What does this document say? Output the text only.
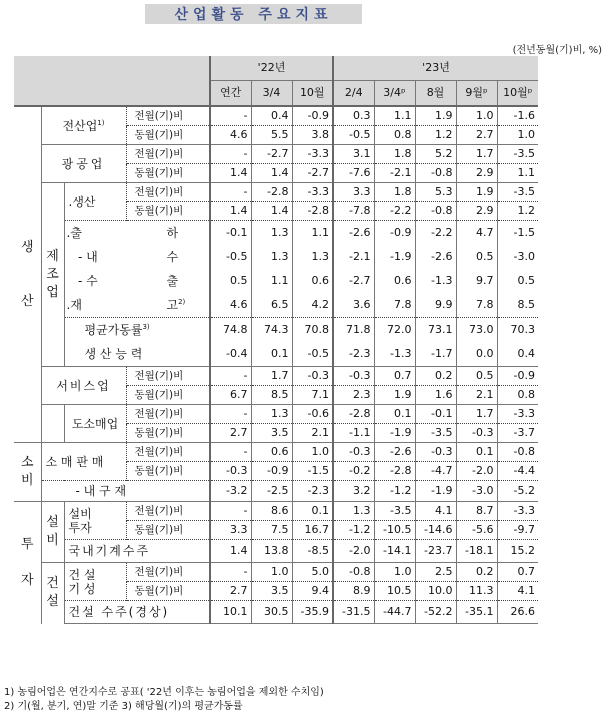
산업활동 주요지표
(전년동월(기)비, %)
				'22년			'23년				
				연간	3/4	10월	2/4	3/4ᵖ	8월	9월ᵖ	10월ᵖ
생

산	전산업$^{1)}$		전월(기)비	-	0.4	-0.9	0.3	1.1	1.9	1.0	-1.6
			동월(기)비	4.6	5.5	3.8	-0.5	0.8	1.2	2.7	1.0
	광공업		전월(기)비	-	-2.7	-3.3	3.1	1.8	5.2	1.7	-3.5
			동월(기)비	1.4	1.4	-2.7	-7.6	-2.1	-0.8	2.9	1.1
	제
조
업	.생산	전월(기)비	-	-2.8	-3.3	3.3	1.8	5.3	1.9	-3.5
			동월(기)비	1.4	1.4	-2.8	-7.8	-2.2	-0.8	2.9	1.2
		.출 하		-0.1	1.3	1.1	-2.6	-0.9	-2.2	4.7	-1.5
		- 내 수		-0.5	1.3	1.3	-2.1	-1.9	-2.6	0.5	-3.0
		- 수 출		0.5	1.1	0.6	-2.7	0.6	-1.3	9.7	0.5
		.재 고$^{2)}$		4.6	6.5	4.2	3.6	7.8	9.9	7.8	8.5
		평균가동률$^{3)}$		74.8	74.3	70.8	71.8	72.0	73.1	73.0	70.3
		생 산 능 력		-0.4	0.1	-0.5	-2.3	-1.3	-1.7	0.0	0.4
	서비스업		전월(기)비	-	1.7	-0.3	-0.3	0.7	0.2	0.5	-0.9
			동월(기)비	6.7	8.5	7.1	2.3	1.9	1.6	2.1	0.8
		도소매업	전월(기)비	-	1.3	-0.6	-2.8	0.1	-0.1	1.7	-3.3
			동월(기)비	2.7	3.5	2.1	-1.1	-1.9	-3.5	-0.3	-3.7
소
비	소 매 판 매		전월(기)비	-	0.6	1.0	-0.3	-2.6	-0.3	0.1	-0.8
			동월(기)비	-0.3	-0.9	-1.5	-0.2	-2.8	-4.7	-2.0	-4.4
	- 내 구 재			-3.2	-2.5	-2.3	3.2	-1.2	-1.9	-3.0	-5.2
투

자	설
비	설비
투자	전월(기)비	-	8.6	0.1	1.3	-3.5	4.1	8.7	-3.3
			동월(기)비	3.3	7.5	16.7	-1.2	-10.5	-14.6	-5.6	-9.7
		국내기계수주		1.4	13.8	-8.5	-2.0	-14.1	-23.7	-18.1	15.2
	건
설	건 설
기 성	전월(기)비	-	1.0	5.0	-0.8	1.0	2.5	0.2	0.7
			동월(기)비	2.7	3.5	9.4	8.9	10.5	10.0	11.3	4.1
		건설 수주(경상)		10.1	30.5	-35.9	-31.5	-44.7	-52.2	-35.1	26.6
1) 농림어업은 연간지수로 공표( '22년 이후는 농림어업을 제외한 수치임)
2) 기(월, 분기, 연)말 기준 3) 해당월(기)의 평균가동률
